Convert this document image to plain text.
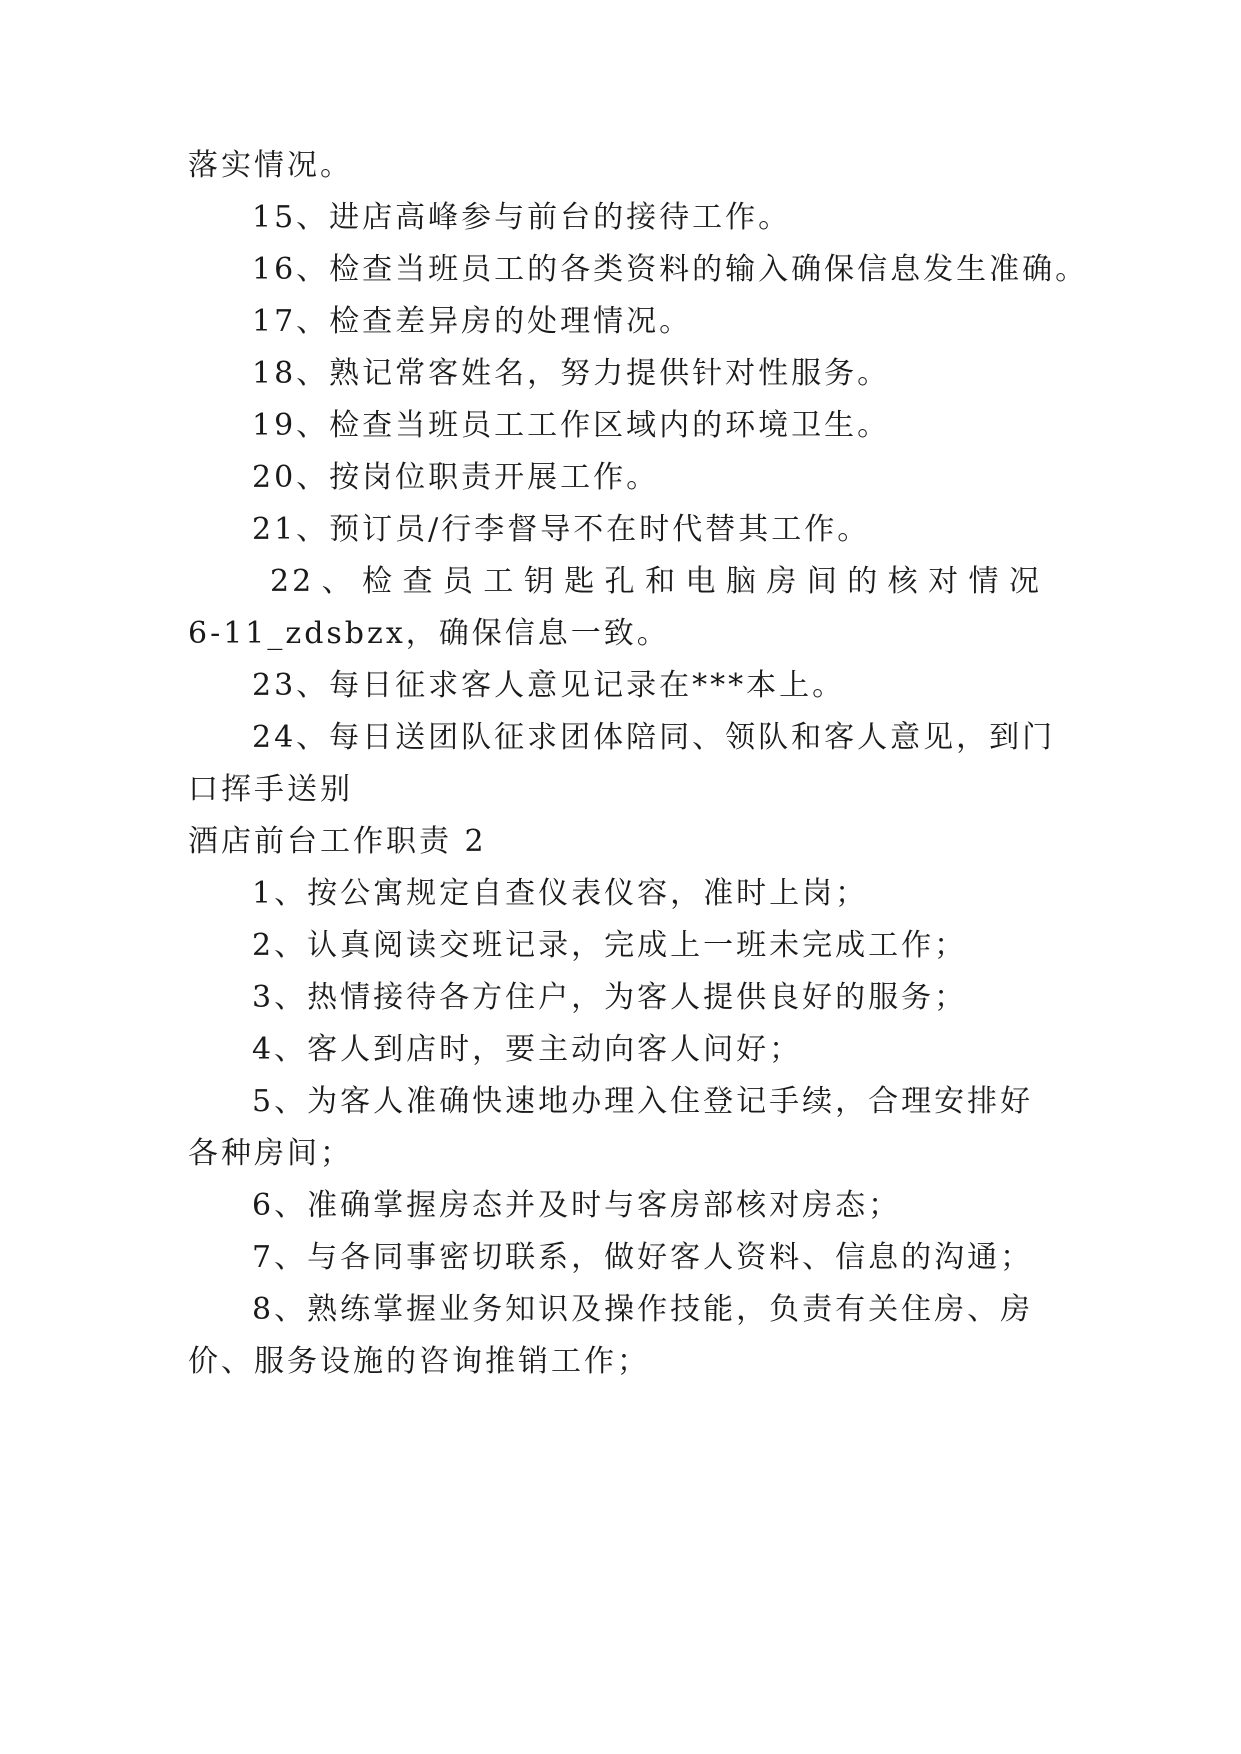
落实情况。
15、进店高峰参与前台的接待工作。
16、检查当班员工的各类资料的输入确保信息发生准确。
17、检查差异房的处理情况。
18、熟记常客姓名，努力提供针对性服务。
19、检查当班员工工作区域内的环境卫生。
20、按岗位职责开展工作。
21、预订员/行李督导不在时代替其工作。
22、检查员工钥匙孔和电脑房间的核对情况
6-11_zdsbzx，确保信息一致。
23、每日征求客人意见记录在***本上。
24、每日送团队征求团体陪同、领队和客人意见，到门
口挥手送别
酒店前台工作职责 2
1、按公寓规定自查仪表仪容，准时上岗；
2、认真阅读交班记录，完成上一班未完成工作；
3、热情接待各方住户，为客人提供良好的服务；
4、客人到店时，要主动向客人问好；
5、为客人准确快速地办理入住登记手续，合理安排好
各种房间；
6、准确掌握房态并及时与客房部核对房态；
7、与各同事密切联系，做好客人资料、信息的沟通；
8、熟练掌握业务知识及操作技能，负责有关住房、房
价、服务设施的咨询推销工作；
